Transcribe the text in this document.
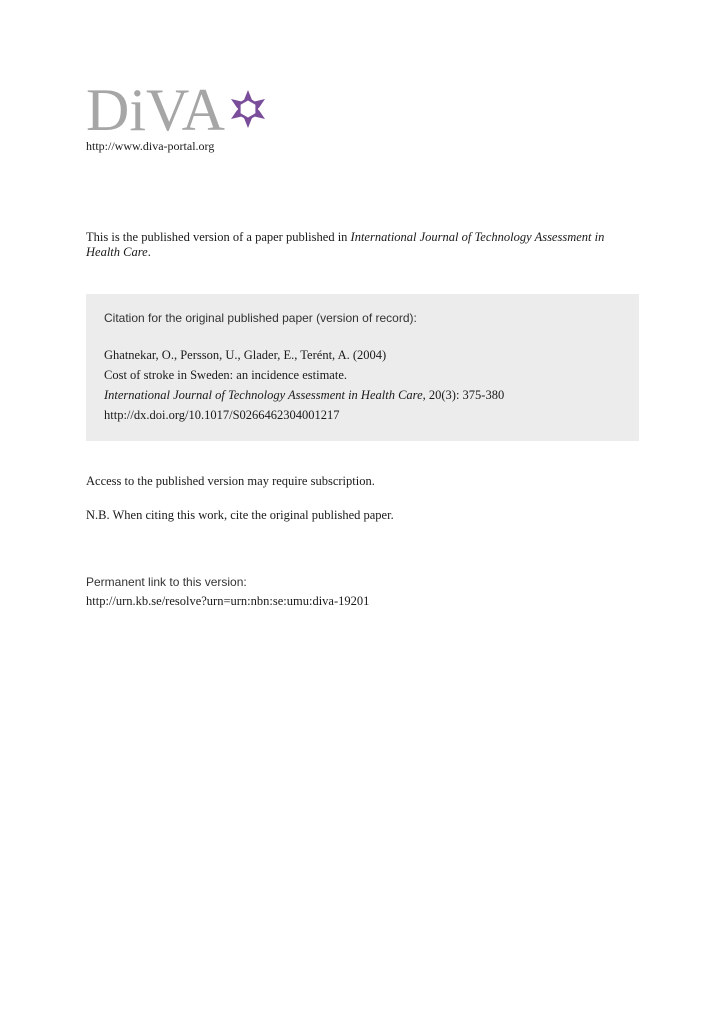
DiVA
http://www.diva-portal.org
This is the published version of a paper published in International Journal of Technology Assessment in Health Care.
Citation for the original published paper (version of record):
Ghatnekar, O., Persson, U., Glader, E., Terént, A. (2004)
Cost of stroke in Sweden: an incidence estimate.
International Journal of Technology Assessment in Health Care, 20(3): 375-380
http://dx.doi.org/10.1017/S0266462304001217
Access to the published version may require subscription.
N.B. When citing this work, cite the original published paper.
Permanent link to this version:
http://urn.kb.se/resolve?urn=urn:nbn:se:umu:diva-19201
